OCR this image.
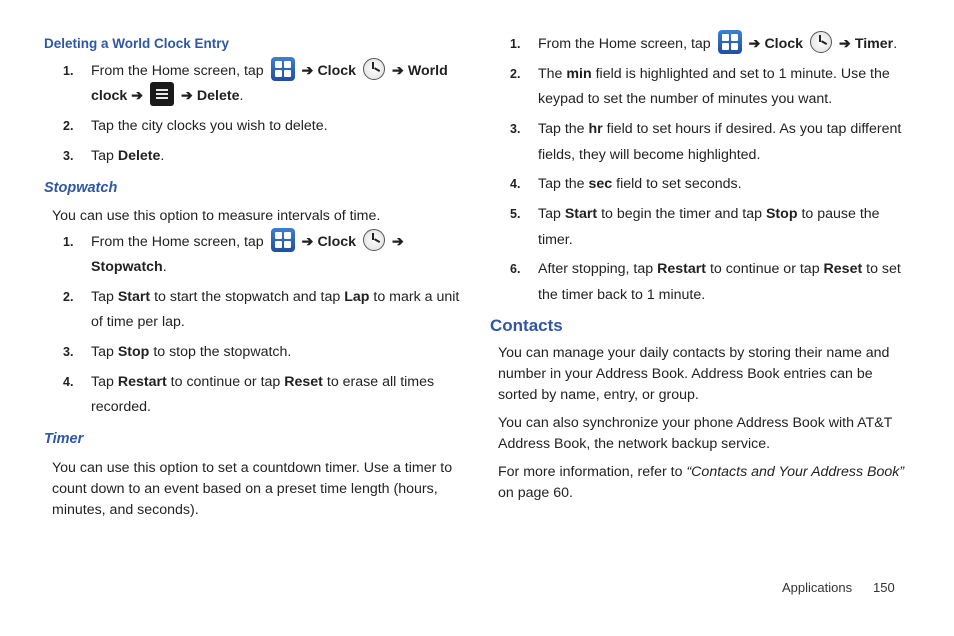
Deleting a World Clock Entry
1. From the Home screen, tap	➔ Clock	➔ World
clock ➔	➔ Delete.
2. Tap the city clocks you wish to delete.
3. Tap Delete.
Stopwatch
You can use this option to measure intervals of time.
1. From the Home screen, tap	➔ Clock	➔
Stopwatch.
2. Tap Start to start the stopwatch and tap Lap to mark a unit
of time per lap.
3. Tap Stop to stop the stopwatch.
4. Tap Restart to continue or tap Reset to erase all times
recorded.
Timer
You can use this option to set a countdown timer. Use a timer to
count down to an event based on a preset time length (hours,
minutes, and seconds).
1. From the Home screen, tap	➔ Clock	➔ Timer.
2. The min field is highlighted and set to 1 minute. Use the
keypad to set the number of minutes you want.
3. Tap the hr field to set hours if desired. As you tap different
fields, they will become highlighted.
4. Tap the sec field to set seconds.
5. Tap Start to begin the timer and tap Stop to pause the
timer.
6. After stopping, tap Restart to continue or tap Reset to set
the timer back to 1 minute.
Contacts
You can manage your daily contacts by storing their name and
number in your Address Book. Address Book entries can be
sorted by name, entry, or group.
You can also synchronize your phone Address Book with AT&T
Address Book, the network backup service.
For more information, refer to “Contacts and Your Address Book”
on page 60.
Applications 150
